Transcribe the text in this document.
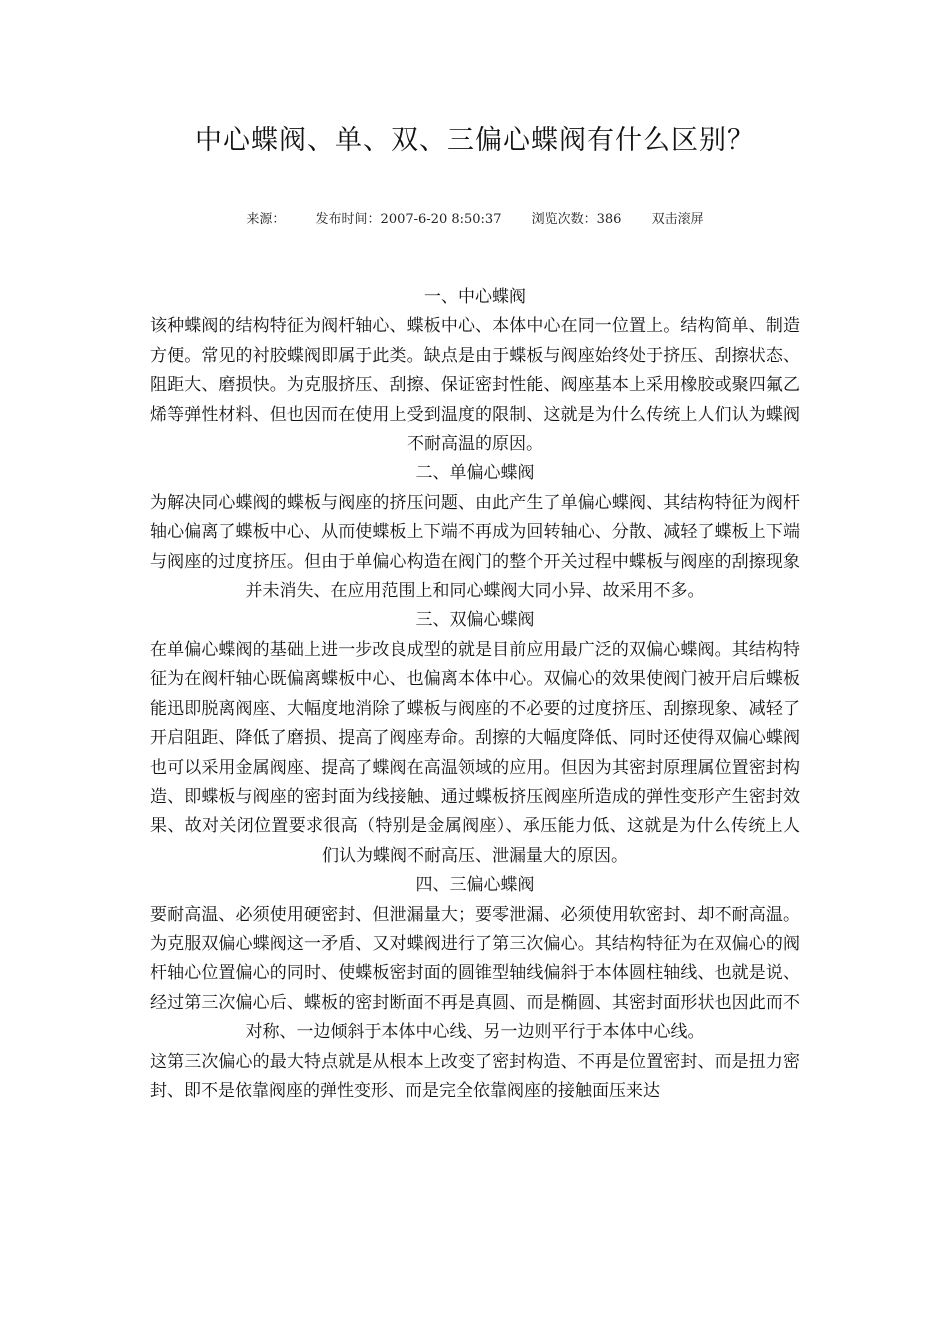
中心蝶阀、单、双、三偏心蝶阀有什么区别？
来源： 发布时间：2007-6-20 8:50:37 浏览次数：386 双击滚屏
一、中心蝶阀

该种蝶阀的结构特征为阀杆轴心、蝶板中心、本体中心在同一位置上。结构简单、制造方便。常见的衬胶蝶阀即属于此类。缺点是由于蝶板与阀座始终处于挤压、刮擦状态、阻距大、磨损快。为克服挤压、刮擦、保证密封性能、阀座基本上采用橡胶或聚四氟乙烯等弹性材料、但也因而在使用上受到温度的限制、这就是为什么传统上人们认为蝶阀不耐高温的原因。

二、单偏心蝶阀

为解决同心蝶阀的蝶板与阀座的挤压问题、由此产生了单偏心蝶阀、其结构特征为阀杆轴心偏离了蝶板中心、从而使蝶板上下端不再成为回转轴心、分散、减轻了蝶板上下端与阀座的过度挤压。但由于单偏心构造在阀门的整个开关过程中蝶板与阀座的刮擦现象并未消失、在应用范围上和同心蝶阀大同小异、故采用不多。

三、双偏心蝶阀

在单偏心蝶阀的基础上进一步改良成型的就是目前应用最广泛的双偏心蝶阀。其结构特征为在阀杆轴心既偏离蝶板中心、也偏离本体中心。双偏心的效果使阀门被开启后蝶板能迅即脱离阀座、大幅度地消除了蝶板与阀座的不必要的过度挤压、刮擦现象、减轻了开启阻距、降低了磨损、提高了阀座寿命。刮擦的大幅度降低、同时还使得双偏心蝶阀也可以采用金属阀座、提高了蝶阀在高温领域的应用。但因为其密封原理属位置密封构造、即蝶板与阀座的密封面为线接触、通过蝶板挤压阀座所造成的弹性变形产生密封效果、故对关闭位置要求很高（特别是金属阀座）、承压能力低、这就是为什么传统上人们认为蝶阀不耐高压、泄漏量大的原因。

四、三偏心蝶阀

要耐高温、必须使用硬密封、但泄漏量大；要零泄漏、必须使用软密封、却不耐高温。为克服双偏心蝶阀这一矛盾、又对蝶阀进行了第三次偏心。其结构特征为在双偏心的阀杆轴心位置偏心的同时、使蝶板密封面的圆锥型轴线偏斜于本体圆柱轴线、也就是说、经过第三次偏心后、蝶板的密封断面不再是真圆、而是椭圆、其密封面形状也因此而不对称、一边倾斜于本体中心线、另一边则平行于本体中心线。

这第三次偏心的最大特点就是从根本上改变了密封构造、不再是位置密封、而是扭力密封、即不是依靠阀座的弹性变形、而是完全依靠阀座的接触面压来达
